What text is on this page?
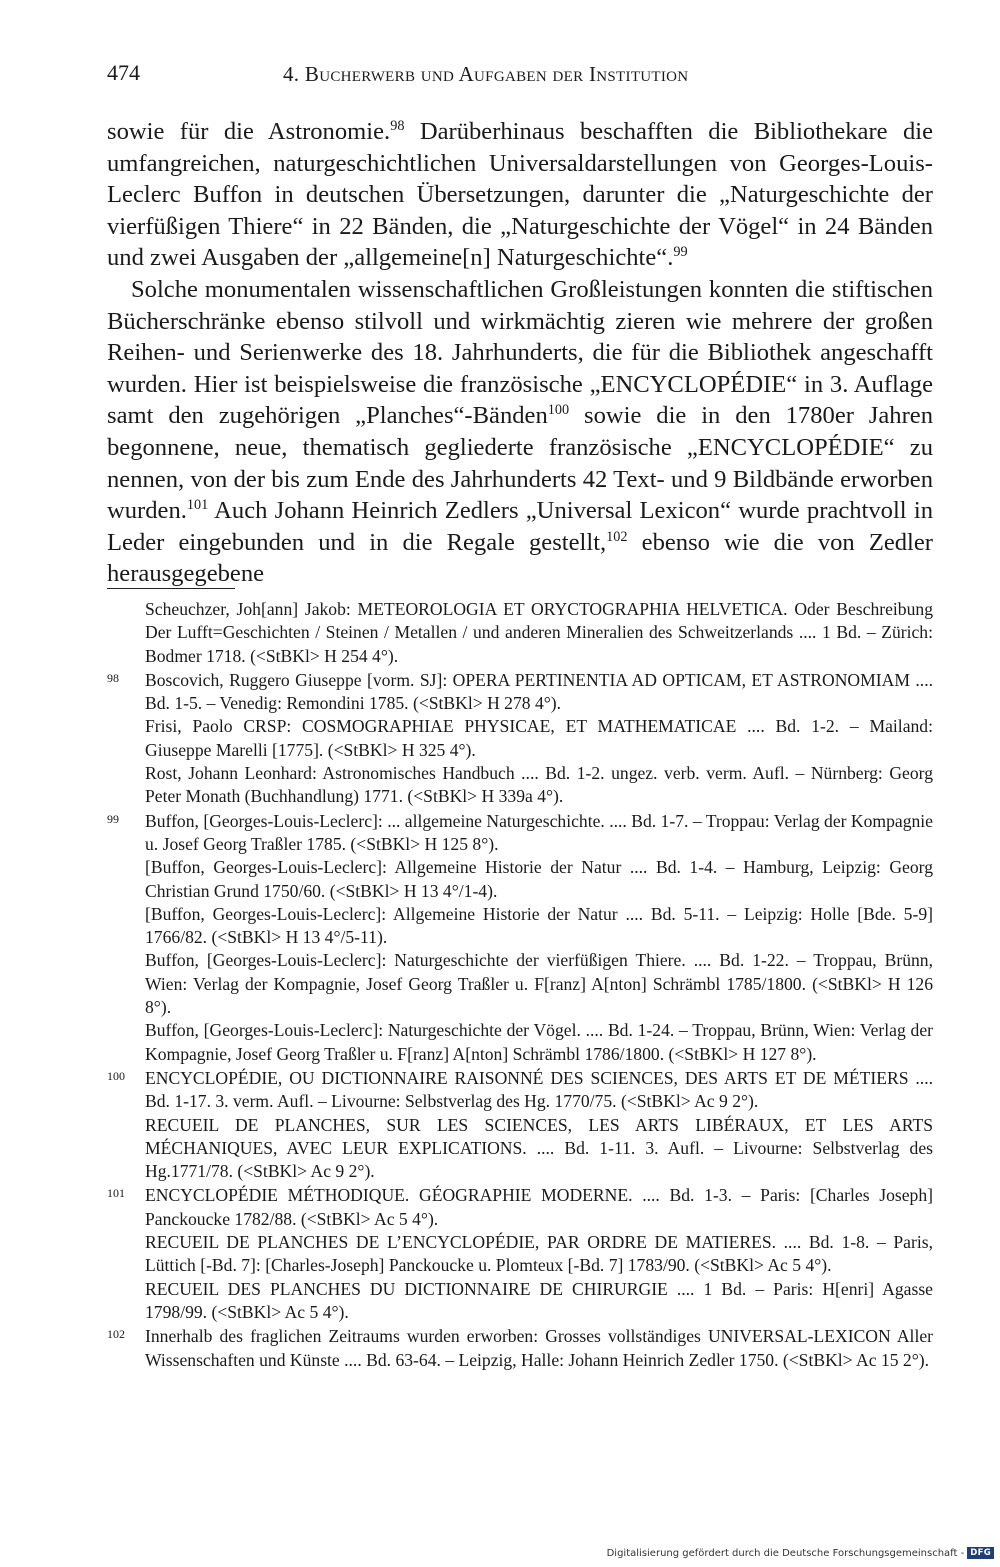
474	4. Bucherwerb und Aufgaben der Institution

sowie für die Astronomie.$^{98}$ Darüberhinaus beschafften die Bibliothekare die umfangreichen, naturgeschichtlichen Universaldarstellungen von Georges-Louis-Leclerc Buffon in deutschen Übersetzungen, darunter die „Naturgeschichte der vierfüßigen Thiere“ in 22 Bänden, die „Naturgeschichte der Vögel“ in 24 Bänden und zwei Ausgaben der „allgemeine[n] Naturgeschichte“.$^{99}$

Solche monumentalen wissenschaftlichen Großleistungen konnten die stiftischen Bücherschränke ebenso stilvoll und wirkmächtig zieren wie mehrere der großen Reihen- und Serienwerke des 18. Jahrhunderts, die für die Bibliothek angeschafft wurden. Hier ist beispielsweise die französische „ENCYCLOPÉDIE“ in 3. Auflage samt den zugehörigen „Planches“-Bänden$^{100}$ sowie die in den 1780er Jahren begonnene, neue, thematisch gegliederte französische „ENCYCLOPÉDIE“ zu nennen, von der bis zum Ende des Jahrhunderts 42 Text- und 9 Bildbände erworben wurden.$^{101}$ Auch Johann Heinrich Zedlers „Universal Lexicon“ wurde prachtvoll in Leder eingebunden und in die Regale gestellt,$^{102}$ ebenso wie die von Zedler herausgegebene

Scheuchzer, Joh[ann] Jakob: METEOROLOGIA ET ORYCTOGRAPHIA HELVETICA. Oder Beschreibung Der Lufft=Geschichten / Steinen / Metallen / und anderen Mineralien des Schweitzerlands .... 1 Bd. – Zürich: Bodmer 1718. (<StBKl> H 254 4°).
98 Boscovich, Ruggero Giuseppe [vorm. SJ]: OPERA PERTINENTIA AD OPTICAM, ET ASTRONOMIAM .... Bd. 1-5. – Venedig: Remondini 1785. (<StBKl> H 278 4°).
Frisi, Paolo CRSP: COSMOGRAPHIAE PHYSICAE, ET MATHEMATICAE .... Bd. 1-2. – Mailand: Giuseppe Marelli [1775]. (<StBKl> H 325 4°).
Rost, Johann Leonhard: Astronomisches Handbuch .... Bd. 1-2. ungez. verb. verm. Aufl. – Nürnberg: Georg Peter Monath (Buchhandlung) 1771. (<StBKl> H 339a 4°).
99 Buffon, [Georges-Louis-Leclerc]: ... allgemeine Naturgeschichte. .... Bd. 1-7. – Troppau: Verlag der Kompagnie u. Josef Georg Traßler 1785. (<StBKl> H 125 8°).
[Buffon, Georges-Louis-Leclerc]: Allgemeine Historie der Natur .... Bd. 1-4. – Hamburg, Leipzig: Georg Christian Grund 1750/60. (<StBKl> H 13 4°/1-4).
[Buffon, Georges-Louis-Leclerc]: Allgemeine Historie der Natur .... Bd. 5-11. – Leipzig: Holle [Bde. 5-9] 1766/82. (<StBKl> H 13 4°/5-11).
Buffon, [Georges-Louis-Leclerc]: Naturgeschichte der vierfüßigen Thiere. .... Bd. 1-22. – Troppau, Brünn, Wien: Verlag der Kompagnie, Josef Georg Traßler u. F[ranz] A[nton] Schrämbl 1785/1800. (<StBKl> H 126 8°).
Buffon, [Georges-Louis-Leclerc]: Naturgeschichte der Vögel. .... Bd. 1-24. – Troppau, Brünn, Wien: Verlag der Kompagnie, Josef Georg Traßler u. F[ranz] A[nton] Schrämbl 1786/1800. (<StBKl> H 127 8°).
100 ENCYCLOPÉDIE, OU DICTIONNAIRE RAISONNÉ DES SCIENCES, DES ARTS ET DE MÉTIERS .... Bd. 1-17. 3. verm. Aufl. – Livourne: Selbstverlag des Hg. 1770/75. (<StBKl> Ac 9 2°).
RECUEIL DE PLANCHES, SUR LES SCIENCES, LES ARTS LIBÉRAUX, ET LES ARTS MÉCHANIQUES, AVEC LEUR EXPLICATIONS. .... Bd. 1-11. 3. Aufl. – Livourne: Selbstverlag des Hg.1771/78. (<StBKl> Ac 9 2°).
101 ENCYCLOPÉDIE MÉTHODIQUE. GÉOGRAPHIE MODERNE. .... Bd. 1-3. – Paris: [Charles Joseph] Panckoucke 1782/88. (<StBKl> Ac 5 4°).
RECUEIL DE PLANCHES DE L’ENCYCLOPÉDIE, PAR ORDRE DE MATIERES. .... Bd. 1-8. – Paris, Lüttich [-Bd. 7]: [Charles-Joseph] Panckoucke u. Plomteux [-Bd. 7] 1783/90. (<StBKl> Ac 5 4°).
RECUEIL DES PLANCHES DU DICTIONNAIRE DE CHIRURGIE .... 1 Bd. – Paris: H[enri] Agasse 1798/99. (<StBKl> Ac 5 4°).
102 Innerhalb des fraglichen Zeitraums wurden erworben: Grosses vollständiges UNIVERSAL-LEXICON Aller Wissenschaften und Künste .... Bd. 63-64. – Leipzig, Halle: Johann Heinrich Zedler 1750. (<StBKl> Ac 15 2°).
Digitalisierung gefördert durch die Deutsche Forschungsgemeinschaft - DFG
